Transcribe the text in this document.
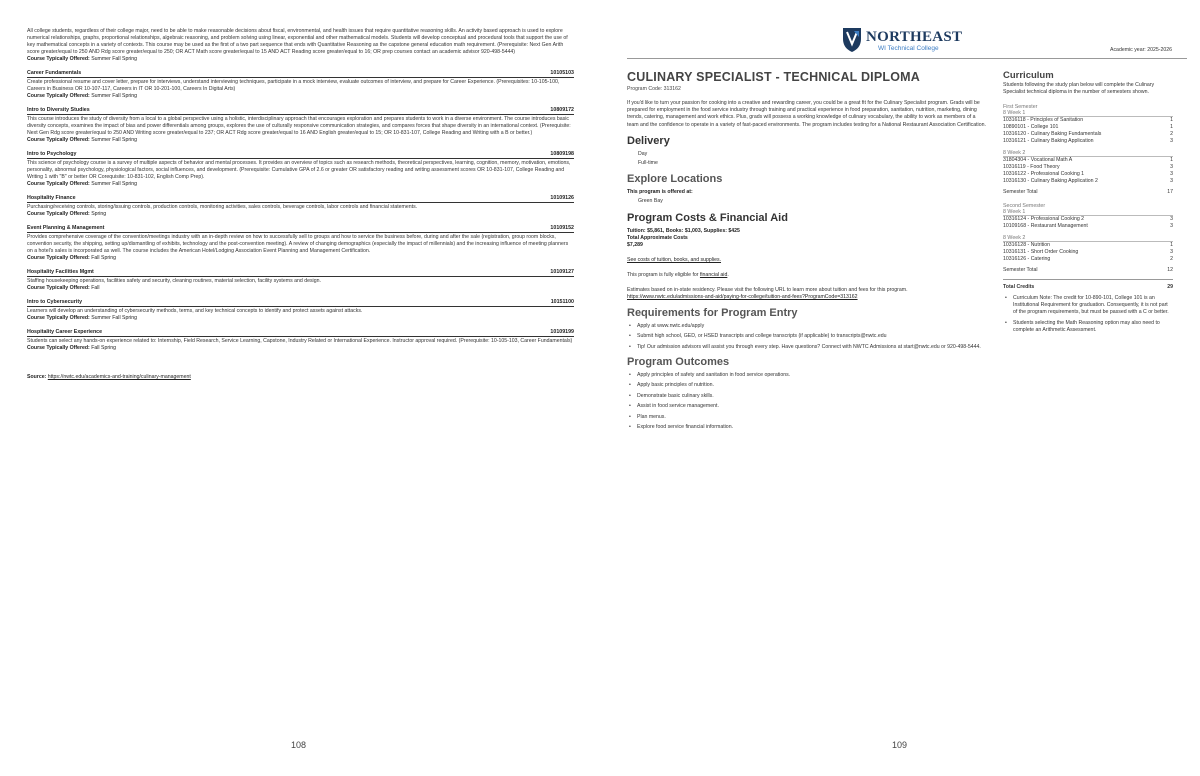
All college students, regardless of their college major, need to be able to make reasonable decisions about fiscal, environmental, and health issues that require quantitative reasoning skills. An activity based approach is used to explore numerical relationships, graphs, proportional relationships, algebraic reasoning, and problem solving using linear, exponential and other mathematical models. Students will develop conceptual and procedural tools that support the use of key mathematical concepts in a variety of contexts. This course may be used as the first of a two part sequence that ends with Quantitative Reasoning as the capstone general education math requirement. (Prerequisite: Next Gen Arith score greater/equal to 250 AND Rdg score greater/equal to 250; OR ACT Math score greater/equal to 15 AND ACT Reading score greater/equal to 16; OR prep courses contact an academic advisor 920-498-5444)

Course Typically Offered: Summer Fall Spring

Career Fundamentals	10105103

Create professional resume and cover letter, prepare for interviews, understand interviewing techniques, participate in a mock interview, evaluate outcomes of interview, and prepare for Career Experience. (Prerequisites: 10-105-100, Careers in Business OR 10-107-117, Careers in IT OR 10-201-100, Careers In Digital Arts)

Course Typically Offered: Summer Fall Spring

Intro to Diversity Studies	10809172

This course introduces the study of diversity from a local to a global perspective using a holistic, interdisciplinary approach that encourages exploration and prepares students to work in a diverse environment. The course introduces basic diversity concepts, examines the impact of bias and power differentials among groups, explores the use of culturally responsive communication strategies, and compares forces that shape diversity in an international context. (Prerequisite: Next Gen Rdg score greater/equal to 250 AND Writing score greater/equal to 237; OR ACT Rdg score greater/equal to 16 AND English greater/equal to 15; OR 10-831-107, College Reading and Writing with a B or better.)

Course Typically Offered: Summer Fall Spring

Intro to Psychology	10809198

This science of psychology course is a survey of multiple aspects of behavior and mental processes. It provides an overview of topics such as research methods, theoretical perspectives, learning, cognition, memory, motivation, emotions, personality, abnormal psychology, physiological factors, social influences, and development. (Prerequisite: Cumulative GPA of 2.6 or greater OR satisfactory reading and writing assessment scores OR 10-831-107, College Reading and Writing 1 with "B" or better OR Corequisite: 10-831-102, English Comp Prep).

Course Typically Offered: Summer Fall Spring

Hospitality Finance	10109126

Purchasing/receiving controls, storing/issuing controls, production controls, monitoring activities, sales controls, beverage controls, labor controls and financial statements.

Course Typically Offered: Spring

Event Planning & Management	10109152

Provides comprehensive coverage of the convention/meetings industry with an in-depth review on how to successfully sell to groups and how to service the business before, during and after the sale (registration, group room blocks, convention security, the shipping, setting up/dismantling of exhibits, technology and the post-convention meeting). A review of changing demographics (especially the impact of millennials) and the increasing influence of meeting planners on a hotel's sales is incorporated as well. The course includes the American Hotel/Lodging Association Event Planning and Management Certification.

Course Typically Offered: Fall Spring

Hospitality Facilities Mgmt	10109127

Staffing housekeeping operations, facilities safety and security, cleaning routines, material selection, facility systems and design.

Course Typically Offered: Fall

Intro to Cybersecurity	10151100

Learners will develop an understanding of cybersecurity methods, terms, and key technical concepts to identify and protect assets against attacks.

Course Typically Offered: Summer Fall Spring

Hospitality Career Experience	10109199

Students can select any hands-on experience related to: Internship, Field Research, Service Learning, Capstone, Industry Related or International Experience. Instructor approval required. (Prerequisite: 10-105-103, Career Fundamentals)

Course Typically Offered: Fall Spring

Source: https://nwtc.edu/academics-and-training/culinary-management

108
NORTHEAST
WI Technical College	Academic year: 2025-2026
CULINARY SPECIALIST - TECHNICAL DIPLOMA

Program Code: 313162

If you'd like to turn your passion for cooking into a creative and rewarding career, you could be a great fit for the Culinary Specialist program. Grads will be prepared for employment in the food service industry through training and practical experience in food preparation, sanitation, nutrition, marketing, dining trends, catering, management and work ethics. Plus, grads will possess a working knowledge of culinary vocabulary, the ability to work as members of a team and the confidence to operate in a variety of fast-paced environments. The program includes testing for a National Restaurant Association Certification.

Delivery
Day
Full-time
Explore Locations

This program is offered at:

Green Bay
Program Costs & Financial Aid

Tuition: $5,861, Books: $1,003, Supplies: $425

Total Approximate Costs

$7,289

See costs of tuition, books, and supplies.

This program is fully eligible for financial aid.

Estimates based on in-state residency. Please visit the following URL to learn more about tuition and fees for this program.

https://www.nwtc.edu/admissions-and-aid/paying-for-college/tuition-and-fees?ProgramCode=313162

Requirements for Program Entry
• Apply at www.nwtc.edu/apply
• Submit high school, GED, or HSED transcripts and college transcripts (if applicable) to transcripts@nwtc.edu
• Tip! Our admission advisors will assist you through every step. Have questions? Connect with NWTC Admissions at start@nwtc.edu or 920-498-5444.
Program Outcomes
• Apply principles of safety and sanitation in food service operations.
• Apply basic principles of nutrition.
• Demonstrate basic culinary skills.
• Assist in food service management.
• Plan menus.
• Explore food service financial information.
Curriculum

Students following the study plan below will complete the Culinary Specialist technical diploma in the number of semesters shown.

First Semester
8 Week 1
10316118 - Principles of Sanitation	1
10890101 - College 101	1
10316120 - Culinary Baking Fundamentals	2
10316121 - Culinary Baking Application	3
8 Week 2
31804304 - Vocational Math A	1
10316119 - Food Theory	3
10316122 - Professional Cooking 1	3
10316130 - Culinary Baking Application 2	3
Semester Total	17
Second Semester
8 Week 1
10316124 - Professional Cooking 2	3
10109168 - Restaurant Management	3
8 Week 2
10316128 - Nutrition	1
10316131 - Short Order Cooking	3
10316126 - Catering	2
Semester Total	12
Total Credits	29
• Curriculum Note: The credit for 10-890-101, College 101 is an Institutional Requirement for graduation. Consequently, it is not part of the program requirements, but must be passed with a C or better.
• Students selecting the Math Reasoning option may also need to complete an Arithmetic Assessment.
109
